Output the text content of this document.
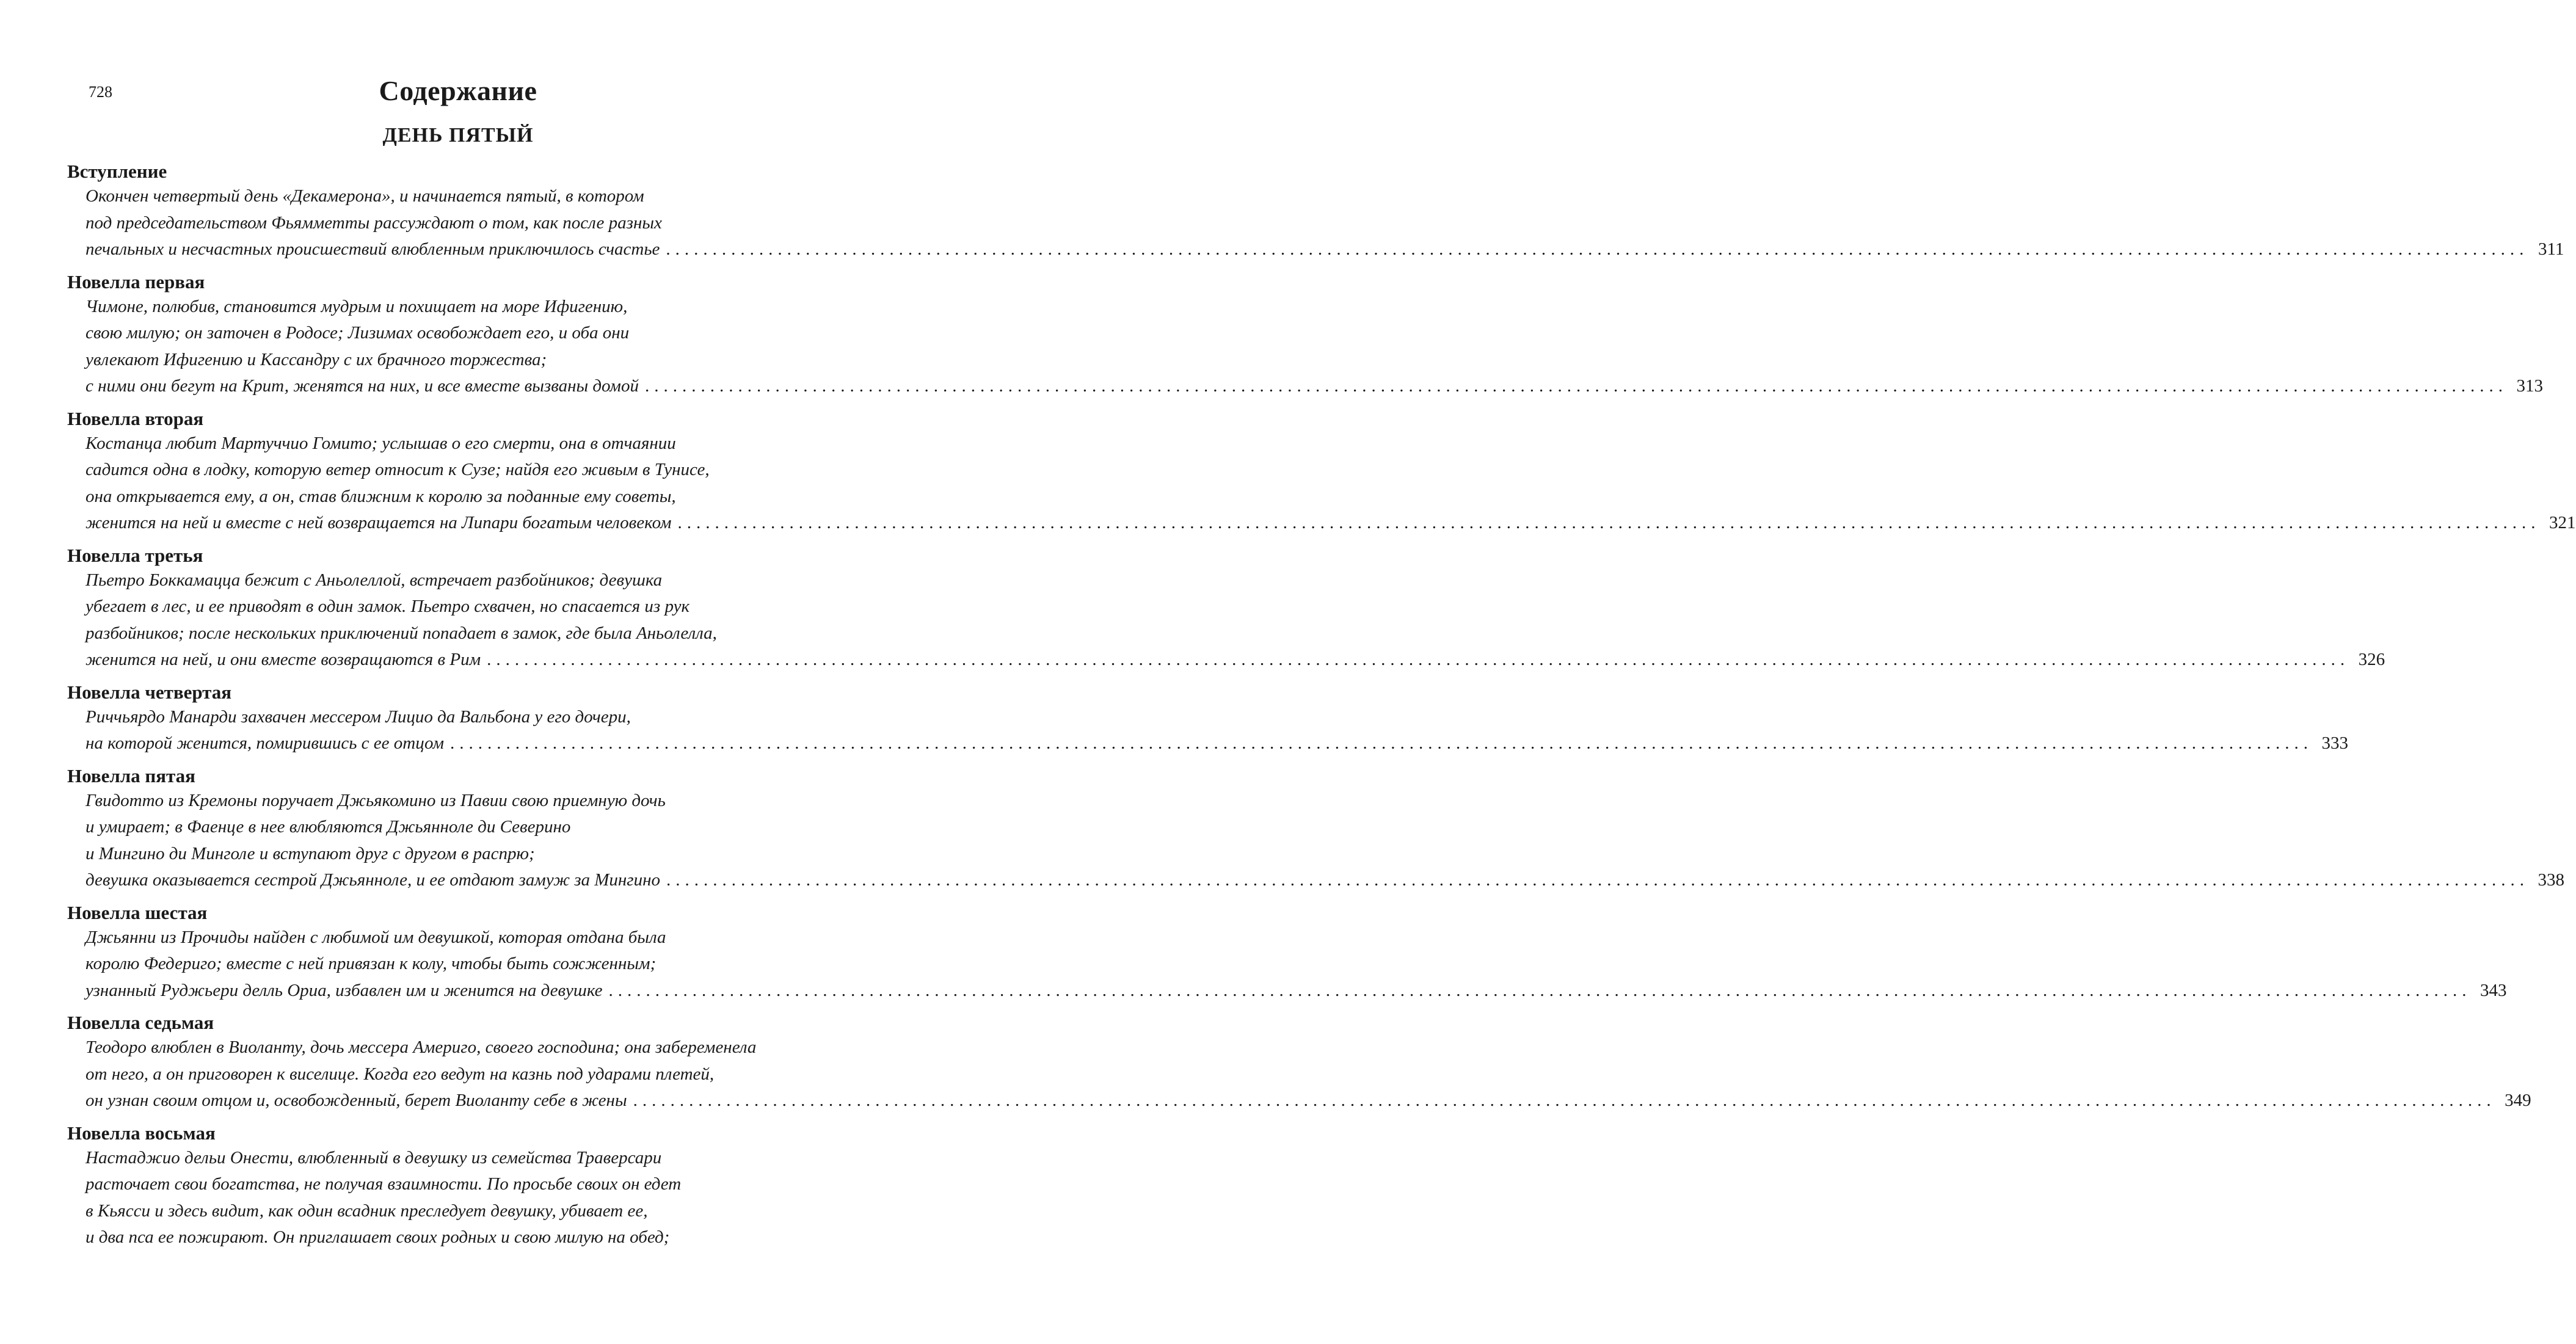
728	Содержание
ДЕНЬ ПЯТЫЙ
Вступление
Окончен четвертый день «Декамерона», и начинается пятый, в котором
под председательством Фьямметты рассуждают о том, как после разных
печальных и несчастных происшествий влюбленным приключилось счастье ........................................................................................................................................................................................................ 311
Новелла первая
Чимоне, полюбив, становится мудрым и похищает на море Ифигению,
свою милую; он заточен в Родосе; Лизимах освобождает его, и оба они
увлекают Ифигению и Кассандру с их брачного торжества;
с ними они бегут на Крит, женятся на них, и все вместе вызваны домой ........................................................................................................................................................................................................ 313
Новелла вторая
Костанца любит Мартуччио Гомито; услышав о его смерти, она в отчаянии
садится одна в лодку, которую ветер относит к Сузе; найдя его живым в Тунисе,
она открывается ему, а он, став ближним к королю за поданные ему советы,
женится на ней и вместе с ней возвращается на Липари богатым человеком ........................................................................................................................................................................................................ 321
Новелла третья
Пьетро Боккамацца бежит с Аньолеллой, встречает разбойников; девушка
убегает в лес, и ее приводят в один замок. Пьетро схвачен, но спасается из рук
разбойников; после нескольких приключений попадает в замок, где была Аньолелла,
женится на ней, и они вместе возвращаются в Рим ........................................................................................................................................................................................................ 326
Новелла четвертая
Риччьярдо Манарди захвачен мессером Лицио да Вальбона у его дочери,
на которой женится, помирившись с ее отцом ........................................................................................................................................................................................................ 333
Новелла пятая
Гвидотто из Кремоны поручает Джьякомино из Павии свою приемную дочь
и умирает; в Фаенце в нее влюбляются Джьянноле ди Северино
и Мингино ди Минголе и вступают друг с другом в распрю;
девушка оказывается сестрой Джьянноле, и ее отдают замуж за Мингино ........................................................................................................................................................................................................ 338
Новелла шестая
Джьянни из Прочиды найден с любимой им девушкой, которая отдана была
королю Федериго; вместе с ней привязан к колу, чтобы быть сожженным;
узнанный Руджьери делль Ориа, избавлен им и женится на девушке ........................................................................................................................................................................................................ 343
Новелла седьмая
Теодоро влюблен в Виоланту, дочь мессера Америго, своего господина; она забеременела
от него, а он приговорен к виселице. Когда его ведут на казнь под ударами плетей,
он узнан своим отцом и, освобожденный, берет Виоланту себе в жены ........................................................................................................................................................................................................ 349
Новелла восьмая
Настаджио дельи Онести, влюбленный в девушку из семейства Траверсари
расточает свои богатства, не получая взаимности. По просьбе своих он едет
в Кьясси и здесь видит, как один всадник преследует девушку, убивает ее,
и два пса ее пожирают. Он приглашает своих родных и свою милую на обед;
